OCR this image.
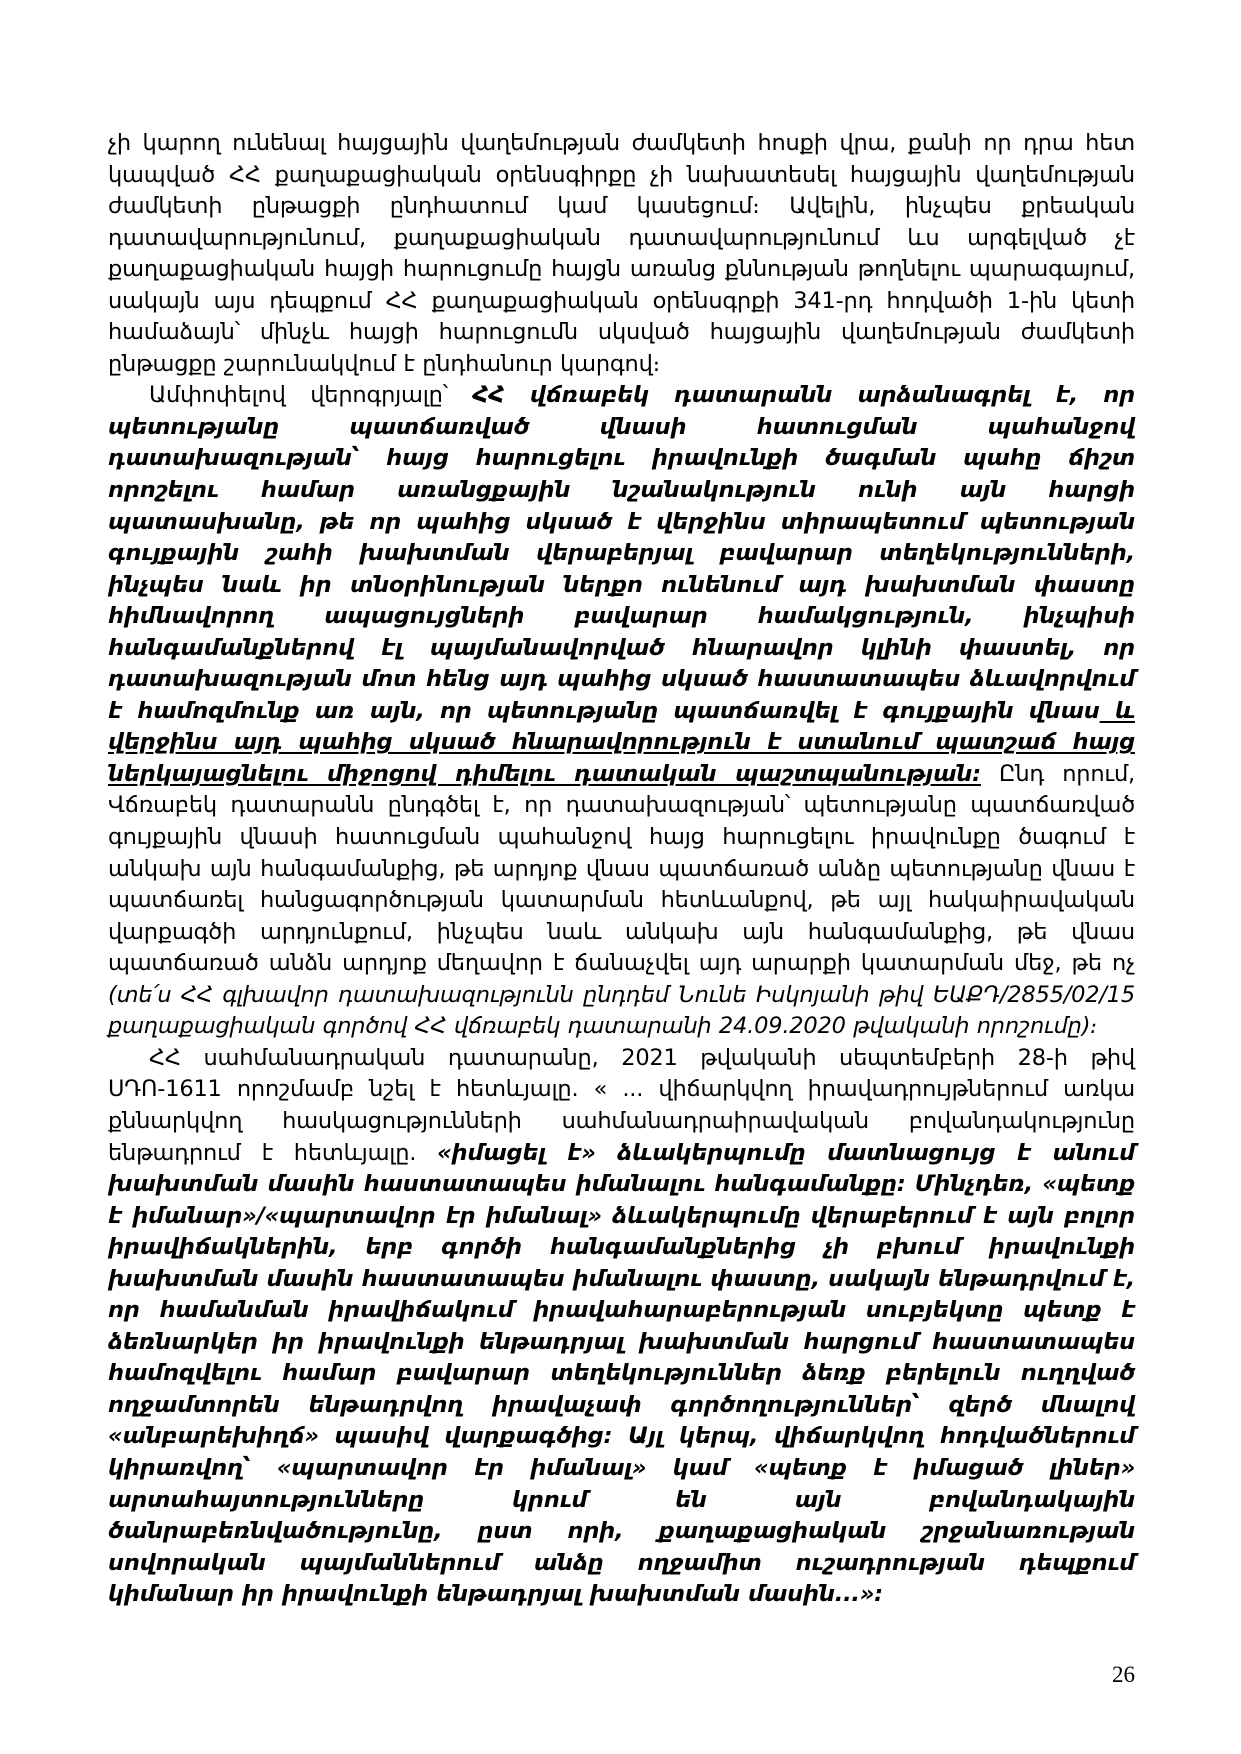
չի կարող ունենալ հայցային վաղեմության ժամկետի հոսքի վրա, քանի որ դրա հետ կապված ՀՀ քաղաքացիական օրենսգիրքը չի նախատեսել հայցային վաղեմության ժամկետի ընթացքի ընդհատում կամ կասեցում։ Ավելին, ինչպես քրեական դատավարությունում, քաղաքացիական դատավարությունում ևս արգելված չէ քաղաքացիական հայցի հարուցումը հայցն առանց քննության թողնելու պարագայում, սակայն այս դեպքում ՀՀ քաղաքացիական օրենսգրքի 341-րդ հոդվածի 1-ին կետի համաձայն՝ մինչև հայցի հարուցումն սկսված հայցային վաղեմության ժամկետի ընթացքը շարունակվում է ընդհանուր կարգով։

Ամփոփելով վերոգրյալը՝ ՀՀ վճռաբեկ դատարանն արձանագրել է, որ պետությանը պատճառված վնասի հատուցման պահանջով դատախազության՝ հայց հարուցելու իրավունքի ծագման պահը ճիշտ որոշելու համար առանցքային նշանակություն ունի այն հարցի պատասխանը, թե որ պահից սկսած է վերջինս տիրապետում պետության գույքային շահի խախտման վերաբերյալ բավարար տեղեկությունների, ինչպես նաև իր տնօրինության ներքո ունենում այդ խախտման փաստը հիմնավորող ապացույցների բավարար համակցություն, ինչպիսի հանգամանքներով էլ պայմանավորված հնարավոր կլինի փաստել, որ դատախազության մոտ հենց այդ պահից սկսած հաստատապես ձևավորվում է համոզմունք առ այն, որ պետությանը պատճառվել է գույքային վնաս և վերջինս այդ պահից սկսած հնարավորություն է ստանում պատշաճ հայց ներկայացնելու միջոցով դիմելու դատական պաշտպանության։ Ընդ որում, Վճռաբեկ դատարանն ընդգծել է, որ դատախազության՝ պետությանը պատճառված գույքային վնասի հատուցման պահանջով հայց հարուցելու իրավունքը ծագում է անկախ այն հանգամանքից, թե արդյոք վնաս պատճառած անձը պետությանը վնաս է պատճառել հանցագործության կատարման հետևանքով, թե այլ հակաիրավական վարքագծի արդյունքում, ինչպես նաև անկախ այն հանգամանքից, թե վնաս պատճառած անձն արդյոք մեղավոր է ճանաչվել այդ արարքի կատարման մեջ, թե ոչ (տե՛ս ՀՀ գլխավոր դատախազությունն ընդդեմ Նունե Իսկոյանի թիվ ԵԱՔԴ/2855/02/15 քաղաքացիական գործով ՀՀ վճռաբեկ դատարանի 24.09.2020 թվականի որոշումը)։

ՀՀ սահմանադրական դատարանը, 2021 թվականի սեպտեմբերի 28-ի թիվ ՍԴՈ-1611 որոշմամբ նշել է հետևյալը. « ... վիճարկվող իրավադրույթներում առկա քննարկվող հասկացությունների սահմանադրաիրավական բովանդակությունը ենթադրում է հետևյալը. «իմացել է» ձևակերպումը մատնացույց է անում խախտման մասին հաստատապես իմանալու հանգամանքը։ Մինչդեռ, «պետք է իմանար»/«պարտավոր էր իմանալ» ձևակերպումը վերաբերում է այն բոլոր իրավիճակներին, երբ գործի հանգամանքներից չի բխում իրավունքի խախտման մասին հաստատապես իմանալու փաստը, սակայն ենթադրվում է, որ համանման իրավիճակում իրավահարաբերության սուբյեկտը պետք է ձեռնարկեր իր իրավունքի ենթադրյալ խախտման հարցում հաստատապես համոզվելու համար բավարար տեղեկություններ ձեռք բերելուն ուղղված ողջամտորեն ենթադրվող իրավաչափ գործողություններ՝ զերծ մնալով «անբարեխիղճ» պասիվ վարքագծից։ Այլ կերպ, վիճարկվող հոդվածներում կիրառվող՝ «պարտավոր էր իմանալ» կամ «պետք է իմացած լիներ» արտահայտությունները կրում են այն բովանդակային ծանրաբեռնվածությունը, ըստ որի, քաղաքացիական շրջանառության սովորական պայմաններում անձը ողջամիտ ուշադրության դեպքում կիմանար իր իրավունքի ենթադրյալ խախտման մասին...»։

26
